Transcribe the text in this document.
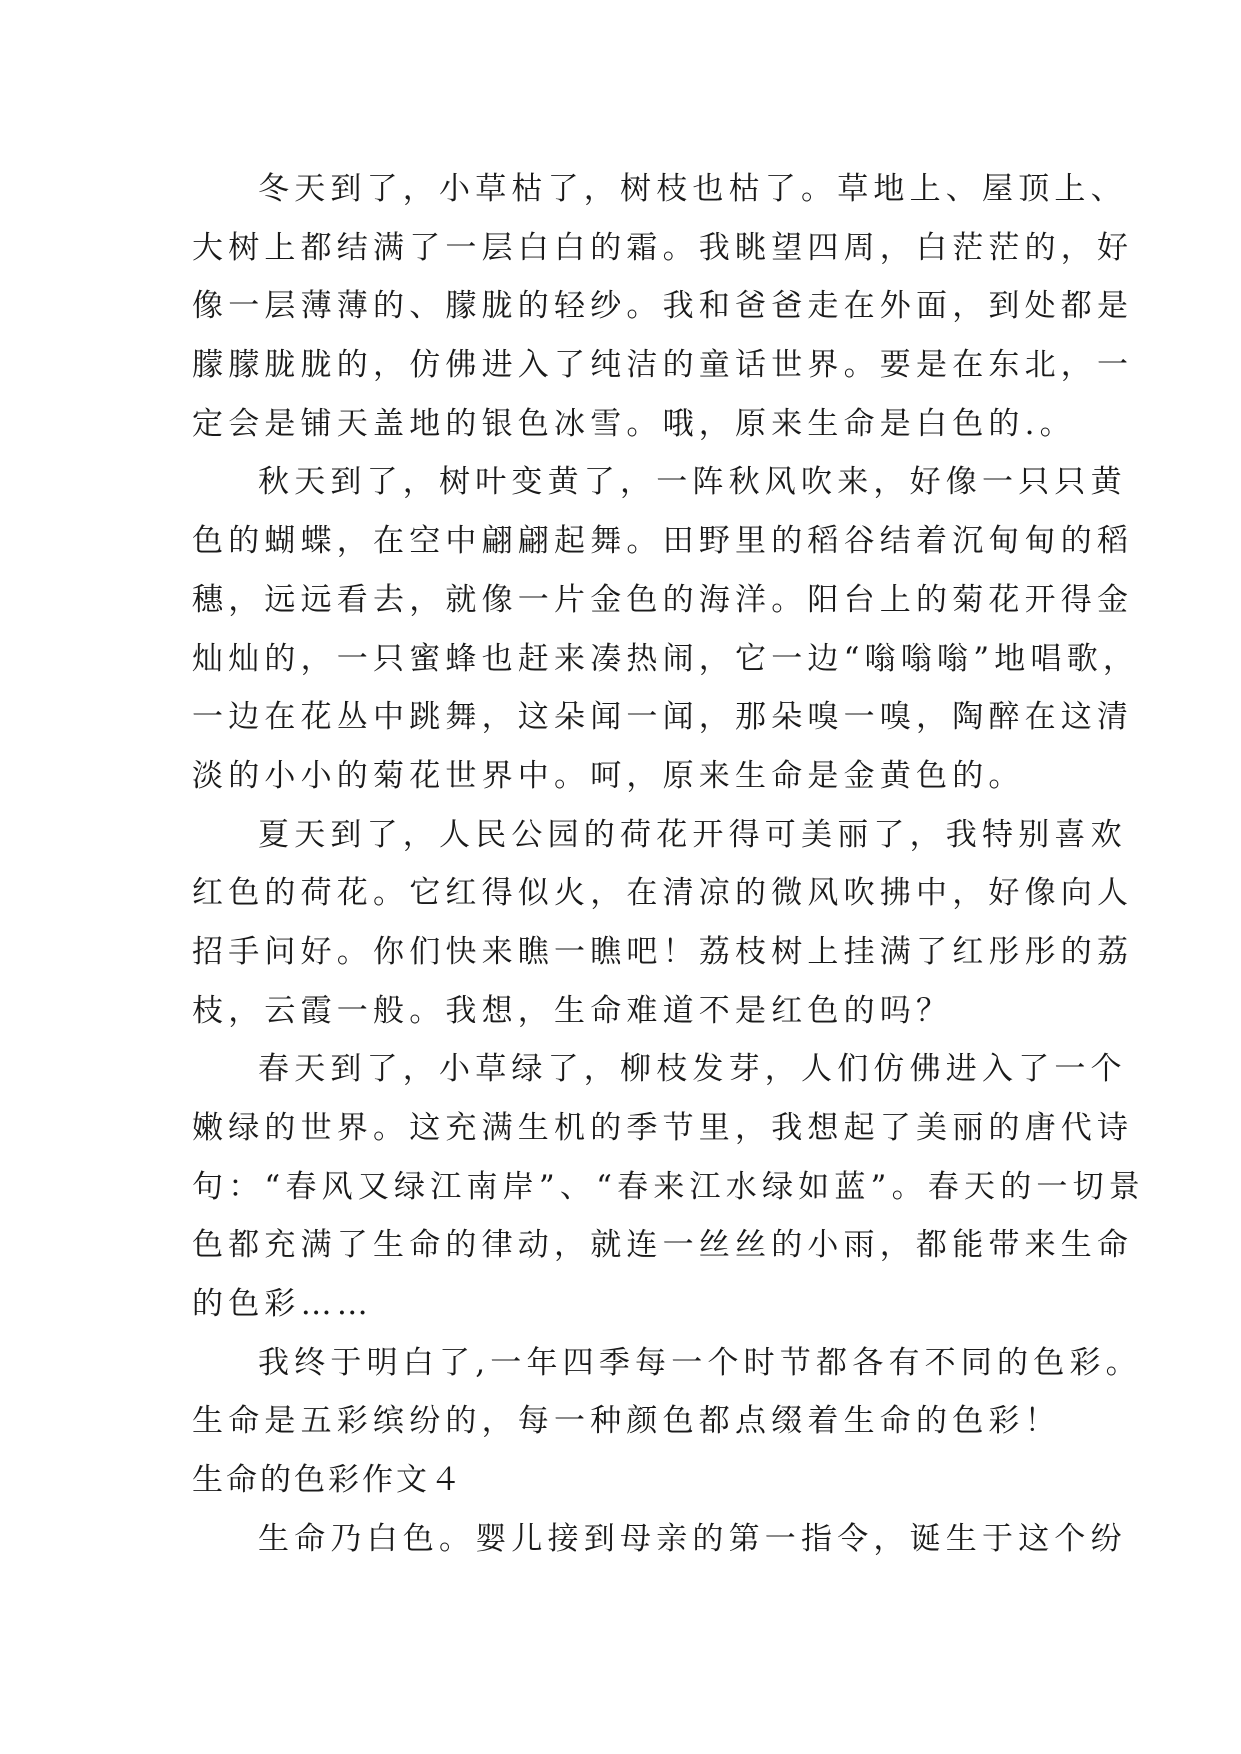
冬天到了，小草枯了，树枝也枯了。草地上、屋顶上、
大树上都结满了一层白白的霜。我眺望四周，白茫茫的，好
像一层薄薄的、朦胧的轻纱。我和爸爸走在外面，到处都是
朦朦胧胧的，仿佛进入了纯洁的童话世界。要是在东北，一
定会是铺天盖地的银色冰雪。哦，原来生命是白色的.。
秋天到了，树叶变黄了，一阵秋风吹来，好像一只只黄
色的蝴蝶，在空中翩翩起舞。田野里的稻谷结着沉甸甸的稻
穗，远远看去，就像一片金色的海洋。阳台上的菊花开得金
灿灿的，一只蜜蜂也赶来凑热闹，它一边“嗡嗡嗡”地唱歌，
一边在花丛中跳舞，这朵闻一闻，那朵嗅一嗅，陶醉在这清
淡的小小的菊花世界中。呵，原来生命是金黄色的。
夏天到了，人民公园的荷花开得可美丽了，我特别喜欢
红色的荷花。它红得似火，在清凉的微风吹拂中，好像向人
招手问好。你们快来瞧一瞧吧！荔枝树上挂满了红彤彤的荔
枝，云霞一般。我想，生命难道不是红色的吗？
春天到了，小草绿了，柳枝发芽，人们仿佛进入了一个
嫩绿的世界。这充满生机的季节里，我想起了美丽的唐代诗
句：“春风又绿江南岸”、“春来江水绿如蓝”。春天的一切景
色都充满了生命的律动，就连一丝丝的小雨，都能带来生命
的色彩……
我终于明白了,一年四季每一个时节都各有不同的色彩。
生命是五彩缤纷的，每一种颜色都点缀着生命的色彩！
生命的色彩作文４
生命乃白色。婴儿接到母亲的第一指令，诞生于这个纷
